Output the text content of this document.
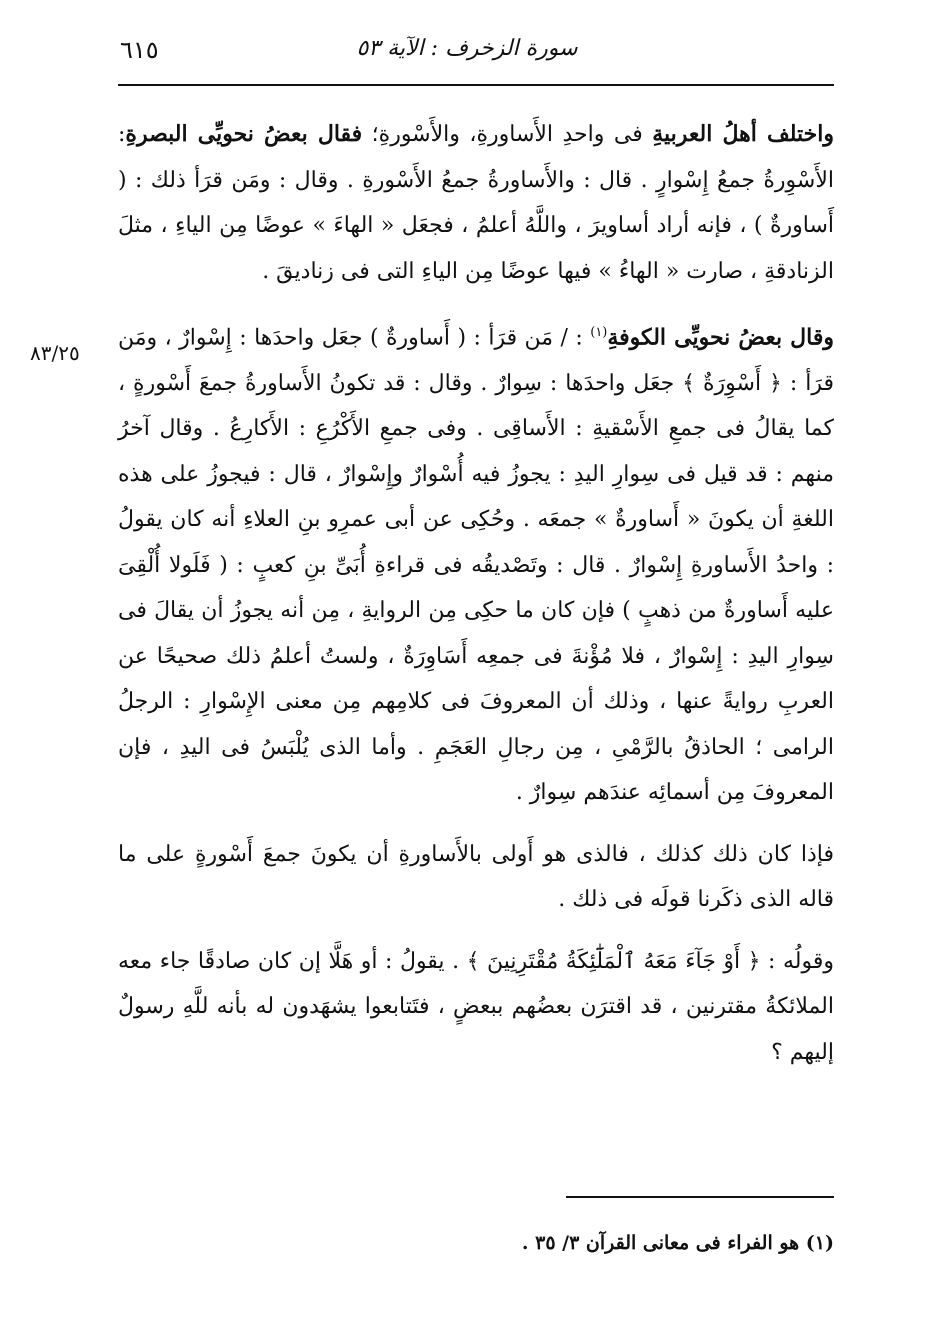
سورة الزخرف : الآية ٥٣
٦١٥
٨٣/٢٥

واختلف أهلُ العربيةِ فى واحدِ الأَساورةِ، والأَسْورةِ؛ فقال بعضُ نحويِّى البصرةِ: الأَسْوِرةُ جمعُ إِسْوارٍ . قال : والأَساورةُ جمعُ الأَسْورةِ . وقال : ومَن قرَأ ذلك : ( أَساورةٌ ) ، فإنه أراد أساويرَ ، واللَّهُ أعلمُ ، فجعَل « الهاءَ » عوضًا مِن الياءِ ، مثلَ الزنادقةِ ، صارت « الهاءُ » فيها عوضًا مِن الياءِ التى فى زناديقَ .

وقال بعضُ نحويِّى الكوفةِ$^{(١)}$ : / مَن قرَأ : ( أَساورةٌ ) جعَل واحدَها : إِسْوارٌ ، ومَن قرَأ : ﴿ أَسْوِرَةٌ ﴾ جعَل واحدَها : سِوارٌ . وقال : قد تكونُ الأَساورةُ جمعَ أَسْورةٍ ، كما يقالُ فى جمعِ الأَسْقيةِ : الأَساقِى . وفى جمعِ الأَكْرُعِ : الأَكارِعُ . وقال آخرُ منهم : قد قيل فى سِوارِ اليدِ : يجوزُ فيه أُسْوارٌ وإِسْوارٌ ، قال : فيجوزُ على هذه اللغةِ أن يكونَ « أَساورةٌ » جمعَه . وحُكِى عن أبى عمرِو بنِ العلاءِ أنه كان يقولُ : واحدُ الأَساورةِ إِسْوارٌ . قال : وتَصْديقُه فى قراءةِ أُبَىِّ بنِ كعبٍ : ( فَلَولا أُلْقِىَ عليه أَساورةٌ من ذهبٍ ) فإن كان ما حكِى مِن الروايةِ ، مِن أنه يجوزُ أن يقالَ فى سِوارِ اليدِ : إِسْوارٌ ، فلا مُؤْنةَ فى جمعِه أَسَاوِرَةٌ ، ولستُ أعلمُ ذلك صحيحًا عن العربِ روايةً عنها ، وذلك أن المعروفَ فى كلامِهم مِن معنى الإِسْوارِ : الرجلُ الرامى ؛ الحاذقُ بالرَّمْىِ ، مِن رجالِ العَجَمِ . وأما الذى يُلْبَسُ فى اليدِ ، فإن المعروفَ مِن أسمائِه عندَهم سِوارٌ .

فإذا كان ذلك كذلك ، فالذى هو أَولى بالأَساورةِ أن يكونَ جمعَ أَسْورةٍ على ما قاله الذى ذكَرنا قولَه فى ذلك .

وقولُه : ﴿ أَوْ جَآءَ مَعَهُ ٱلْمَلَٰٓئِكَةُ مُقْتَرِنِينَ ﴾ . يقولُ : أو هَلَّا إن كان صادقًا جاء معه الملائكةُ مقترنين ، قد اقترَن بعضُهم ببعضٍ ، فتَتابعوا يشهَدون له بأنه للَّهِ رسولٌ إليهم ؟

(١) هو الفراء فى معانى القرآن ٣/ ٣٥ .
